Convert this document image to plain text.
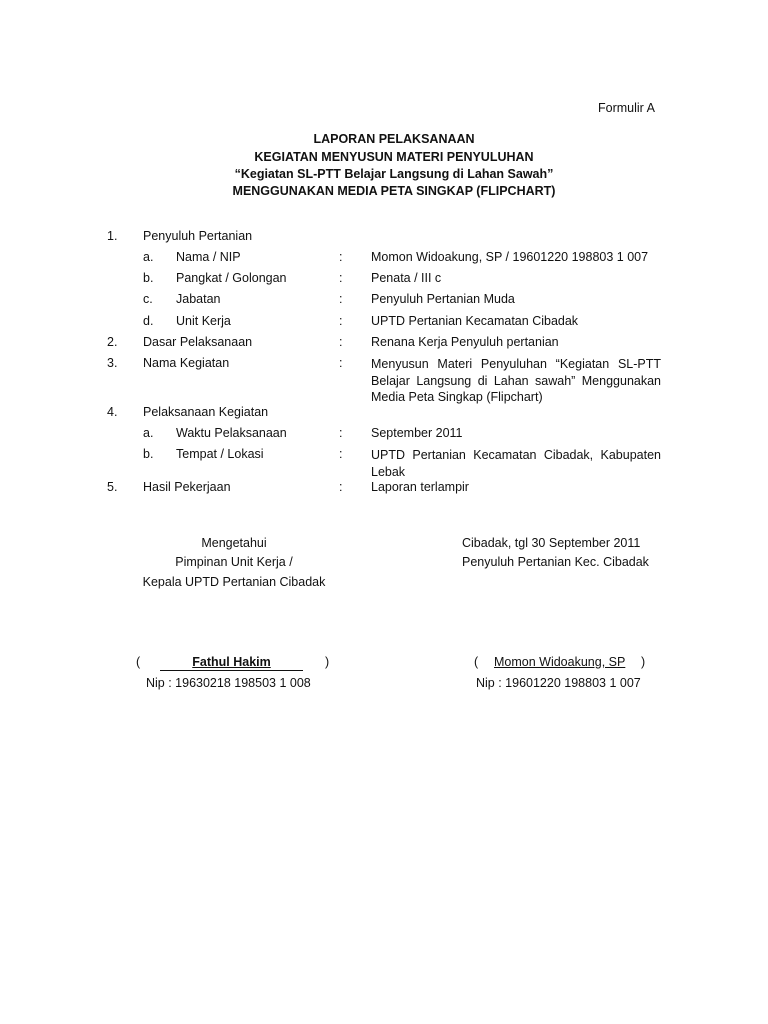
Formulir A
LAPORAN PELAKSANAAN
KEGIATAN MENYUSUN MATERI PENYULUHAN
“Kegiatan SL-PTT Belajar Langsung di Lahan Sawah”
MENGGUNAKAN MEDIA PETA SINGKAP (FLIPCHART)
1. Penyuluh Pertanian
a. Nama / NIP	: Momon Widoakung, SP / 19601220 198803 1 007
b. Pangkat / Golongan	: Penata / III c
c. Jabatan	: Penyuluh Pertanian Muda
d. Unit Kerja	: UPTD Pertanian Kecamatan Cibadak
2. Dasar Pelaksanaan	: Renana Kerja Penyuluh pertanian
3. Nama Kegiatan	: Menyusun Materi Penyuluhan “Kegiatan SL-PTT Belajar Langsung di Lahan sawah” Menggunakan Media Peta Singkap (Flipchart)
4. Pelaksanaan Kegiatan
a. Waktu Pelaksanaan	: September 2011
b. Tempat / Lokasi	: UPTD Pertanian Kecamatan Cibadak, Kabupaten Lebak
5. Hasil Pekerjaan	: Laporan terlampir
Mengetahui
Pimpinan Unit Kerja /
Kepala UPTD Pertanian Cibadak
(	Fathul Hakim	)
Nip : 19630218 198503 1 008
Cibadak, tgl 30 September 2011
Penyuluh Pertanian Kec. Cibadak
( Momon Widoakung, SP )
Nip : 19601220 198803 1 007
